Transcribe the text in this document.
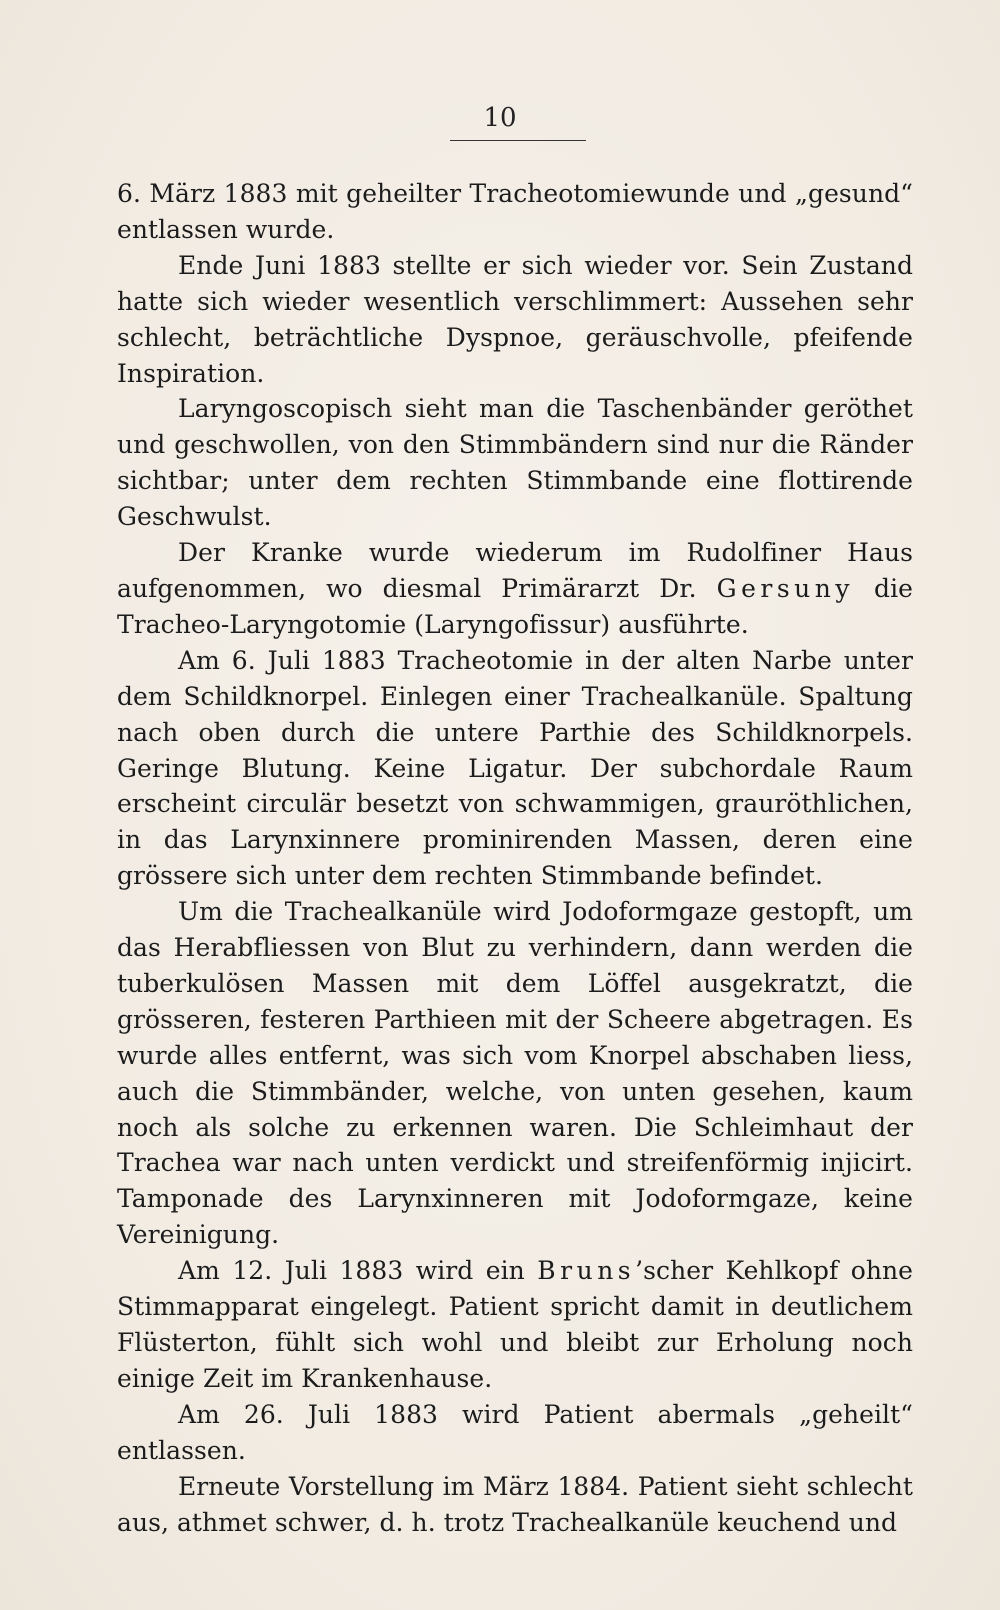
10

6. März 1883 mit geheilter Tracheotomiewunde und „gesund“ entlassen wurde.

Ende Juni 1883 stellte er sich wieder vor. Sein Zustand hatte sich wieder wesentlich verschlimmert: Aussehen sehr schlecht, beträchtliche Dyspnoe, geräuschvolle, pfeifende Inspiration.

Laryngoscopisch sieht man die Taschenbänder geröthet und geschwollen, von den Stimmbändern sind nur die Ränder sichtbar; unter dem rechten Stimmbande eine flottirende Geschwulst.

Der Kranke wurde wiederum im Rudolfiner Haus aufgenommen, wo diesmal Primärarzt Dr. Gersuny die Tracheo-Laryngotomie (Laryngofissur) ausführte.

Am 6. Juli 1883 Tracheotomie in der alten Narbe unter dem Schildknorpel. Einlegen einer Trachealkanüle. Spaltung nach oben durch die untere Parthie des Schildknorpels. Geringe Blutung. Keine Ligatur. Der subchordale Raum erscheint circulär besetzt von schwammigen, grauröthlichen, in das Larynxinnere prominirenden Massen, deren eine grössere sich unter dem rechten Stimmbande befindet.

Um die Trachealkanüle wird Jodoformgaze gestopft, um das Herabfliessen von Blut zu verhindern, dann werden die tuberkulösen Massen mit dem Löffel ausgekratzt, die grösseren, festeren Parthieen mit der Scheere abgetragen. Es wurde alles entfernt, was sich vom Knorpel abschaben liess, auch die Stimmbänder, welche, von unten gesehen, kaum noch als solche zu erkennen waren. Die Schleimhaut der Trachea war nach unten verdickt und streifenförmig injicirt. Tamponade des Larynxinneren mit Jodoformgaze, keine Vereinigung.

Am 12. Juli 1883 wird ein Bruns’scher Kehlkopf ohne Stimmapparat eingelegt. Patient spricht damit in deutlichem Flüsterton, fühlt sich wohl und bleibt zur Erholung noch einige Zeit im Krankenhause.

Am 26. Juli 1883 wird Patient abermals „geheilt“ entlassen.

Erneute Vorstellung im März 1884. Patient sieht schlecht aus, athmet schwer, d. h. trotz Trachealkanüle keuchend und
